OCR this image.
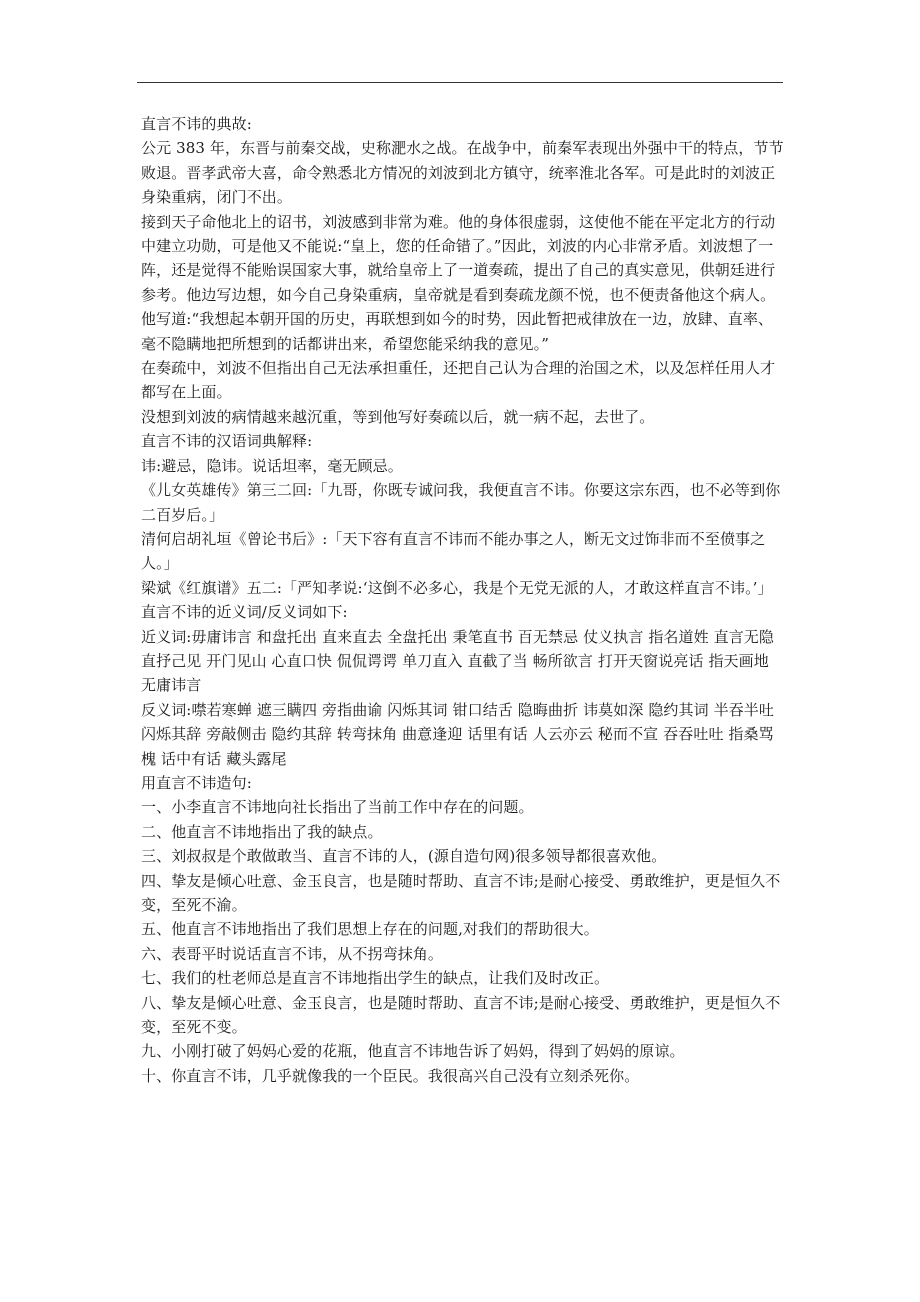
直言不讳的典故:

公元 383 年，东晋与前秦交战，史称淝水之战。在战争中，前秦军表现出外强中干的特点，节节败退。晋孝武帝大喜，命令熟悉北方情况的刘波到北方镇守，统率淮北各军。可是此时的刘波正身染重病，闭门不出。

接到天子命他北上的诏书，刘波感到非常为难。他的身体很虚弱，这使他不能在平定北方的行动中建立功勋，可是他又不能说:“皇上，您的任命错了。”因此，刘波的内心非常矛盾。刘波想了一阵，还是觉得不能贻误国家大事，就给皇帝上了一道奏疏，提出了自己的真实意见，供朝廷进行参考。他边写边想，如今自己身染重病，皇帝就是看到奏疏龙颜不悦，也不便责备他这个病人。

他写道:“我想起本朝开国的历史，再联想到如今的时势，因此暂把戒律放在一边，放肆、直率、毫不隐瞒地把所想到的话都讲出来，希望您能采纳我的意见。”

在奏疏中，刘波不但指出自己无法承担重任，还把自己认为合理的治国之术，以及怎样任用人才都写在上面。

没想到刘波的病情越来越沉重，等到他写好奏疏以后，就一病不起，去世了。

直言不讳的汉语词典解释:

讳:避忌，隐讳。说话坦率，毫无顾忌。

《儿女英雄传》第三二回:「九哥，你既专诚问我，我便直言不讳。你要这宗东西，也不必等到你二百岁后。」

清何启胡礼垣《曾论书后》:「天下容有直言不讳而不能办事之人，断无文过饰非而不至偾事之人。」

梁斌《红旗谱》五二:「严知孝说:‘这倒不必多心，我是个无党无派的人，才敢这样直言不讳。’」

直言不讳的近义词/反义词如下:

近义词:毋庸讳言 和盘托出 直来直去 全盘托出 秉笔直书 百无禁忌 仗义执言 指名道姓 直言无隐 直抒己见 开门见山 心直口快 侃侃谔谔 单刀直入 直截了当 畅所欲言 打开天窗说亮话 指天画地 无庸讳言

反义词:噤若寒蝉 遮三瞒四 旁指曲谕 闪烁其词 钳口结舌 隐晦曲折 讳莫如深 隐约其词 半吞半吐 闪烁其辞 旁敲侧击 隐约其辞 转弯抹角 曲意逢迎 话里有话 人云亦云 秘而不宣 吞吞吐吐 指桑骂槐 话中有话 藏头露尾

用直言不讳造句:

一、小李直言不讳地向社长指出了当前工作中存在的问题。

二、他直言不讳地指出了我的缺点。

三、刘叔叔是个敢做敢当、直言不讳的人，(源自造句网)很多领导都很喜欢他。

四、挚友是倾心吐意、金玉良言，也是随时帮助、直言不讳;是耐心接受、勇敢维护，更是恒久不变，至死不渝。

五、他直言不讳地指出了我们思想上存在的问题,对我们的帮助很大。

六、表哥平时说话直言不讳，从不拐弯抹角。

七、我们的杜老师总是直言不讳地指出学生的缺点，让我们及时改正。

八、挚友是倾心吐意、金玉良言，也是随时帮助、直言不讳;是耐心接受、勇敢维护，更是恒久不变，至死不变。

九、小刚打破了妈妈心爱的花瓶，他直言不讳地告诉了妈妈，得到了妈妈的原谅。

十、你直言不讳，几乎就像我的一个臣民。我很高兴自己没有立刻杀死你。
